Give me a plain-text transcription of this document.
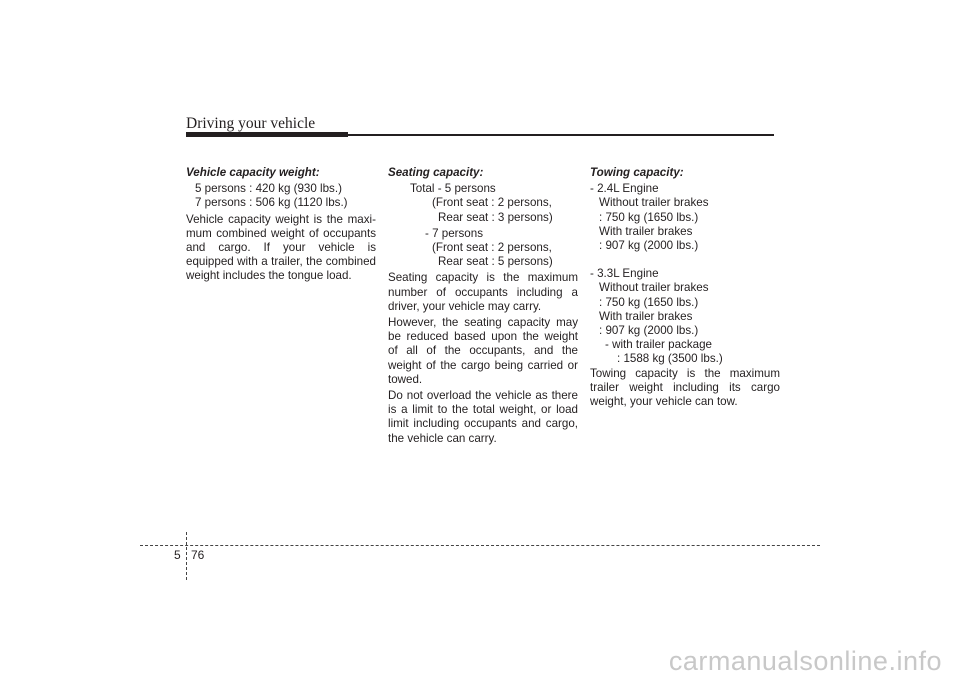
Driving your vehicle
Vehicle capacity weight:
5 persons : 420 kg (930 lbs.)
7 persons : 506 kg (1120 lbs.)
Vehicle capacity weight is the maxi-mum combined weight of occupants and cargo. If your vehicle is equipped with a trailer, the combined weight includes the tongue load.
Seating capacity:
Total - 5 persons
(Front seat : 2 persons,
Rear seat : 3 persons)
- 7 persons
(Front seat : 2 persons,
Rear seat : 5 persons)
Seating capacity is the maximum number of occupants including a driver, your vehicle may carry.
However, the seating capacity may be reduced based upon the weight of all of the occupants, and the weight of the cargo being carried or towed.
Do not overload the vehicle as there is a limit to the total weight, or load limit including occupants and cargo, the vehicle can carry.
Towing capacity:
- 2.4L Engine
Without trailer brakes
: 750 kg (1650 lbs.)
With trailer brakes
: 907 kg (2000 lbs.)
- 3.3L Engine
Without trailer brakes
: 750 kg (1650 lbs.)
With trailer brakes
: 907 kg (2000 lbs.)
- with trailer package
: 1588 kg (3500 lbs.)
Towing capacity is the maximum trailer weight including its cargo weight, your vehicle can tow.
5 76
carmanualsonline.info
